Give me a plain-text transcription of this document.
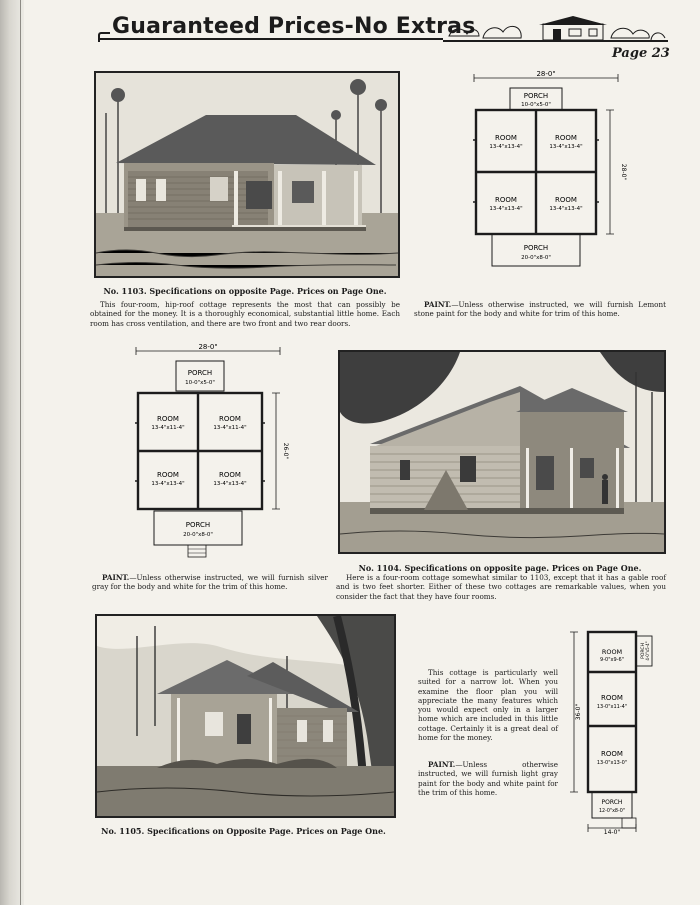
Guaranteed Prices-No Extras
Page 23
28-0"
PORCH
10-0"x5-0"
ROOM
13-4"x13-4"
ROOM
13-4"x13-4"
ROOM
13-4"x13-4"
ROOM
13-4"x13-4"
PORCH
20-0"x8-0"
28-0"
No. 1103. Specifications on opposite Page. Prices on Page One.

This four-room, hip-roof cottage represents the most that can possibly be obtained for the money. It is a thoroughly economical, substantial little home. Each room has cross ventilation, and there are two front and two rear doors.

PAINT.—Unless otherwise instructed, we will furnish Lemont stone paint for the body and white for trim of this home.

28-0"
PORCH
10-0"x5-0"
ROOM
13-4"x11-4"
ROOM
13-4"x11-4"
ROOM
13-4"x13-4"
ROOM
13-4"x13-4"
PORCH
20-0"x8-0"
26-0"
No. 1104. Specifications on opposite page. Prices on Page One.

PAINT.—Unless otherwise instructed, we will furnish silver gray for the body and white for the trim of this home.

Here is a four-room cottage somewhat similar to 1103, except that it has a gable roof and is two feet shorter. Either of these two cottages are remarkable values, when you consider the fact that they have four rooms.

No. 1105. Specifications on Opposite Page. Prices on Page One.

This cottage is particularly well suited for a narrow lot. When you examine the floor plan you will appreciate the many features which you would expect only in a larger home which are included in this little cottage. Certainly it is a great deal of home for the money.

PAINT.—Unless otherwise instructed, we will furnish light gray paint for the body and white paint for the trim of this home.

ROOM
9-0"x9-6"
ROOM
13-0"x11-4"
ROOM
13-0"x13-0"
PORCH 4-0"x5-4"
PORCH
12-0"x8-0"
14-0"
36-0"
